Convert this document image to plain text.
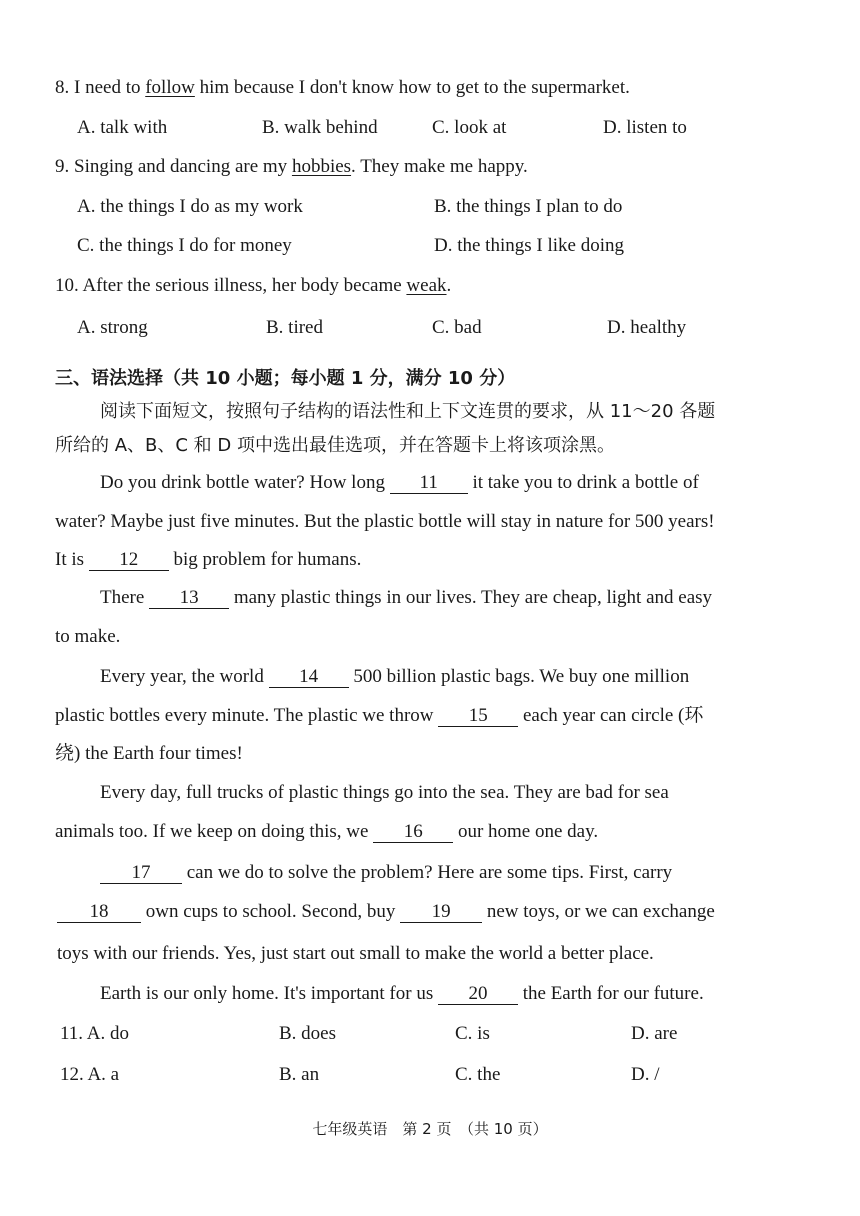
8. I need to follow him because I don't know how to get to the supermarket.
A. talk with	B. walk behind	C. look at	D. listen to
9. Singing and dancing are my hobbies. They make me happy.
A. the things I do as my work	B. the things I plan to do
C. the things I do for money	D. the things I like doing
10. After the serious illness, her body became weak.
A. strong	B. tired	C. bad	D. healthy
三、语法选择（共 10 小题；每小题 1 分，满分 10 分）
阅读下面短文，按照句子结构的语法性和上下文连贯的要求，从 11～20 各题
所给的 A、B、C 和 D 项中选出最佳选项，并在答题卡上将该项涂黑。
Do you drink bottle water? How long 11 it take you to drink a bottle of
water? Maybe just five minutes. But the plastic bottle will stay in nature for 500 years!
It is 12 big problem for humans.
There 13 many plastic things in our lives. They are cheap, light and easy
to make.
Every year, the world 14 500 billion plastic bags. We buy one million
plastic bottles every minute. The plastic we throw 15 each year can circle (环
绕) the Earth four times!
Every day, full trucks of plastic things go into the sea. They are bad for sea
animals too. If we keep on doing this, we 16 our home one day.
17 can we do to solve the problem? Here are some tips. First, carry
18 own cups to school. Second, buy 19 new toys, or we can exchange
toys with our friends. Yes, just start out small to make the world a better place.
Earth is our only home. It's important for us 20 the Earth for our future.
11. A. do	B. does	C. is	D. are
12. A. a	B. an	C. the	D. /
七年级英语　第 2 页　（共 10 页）
